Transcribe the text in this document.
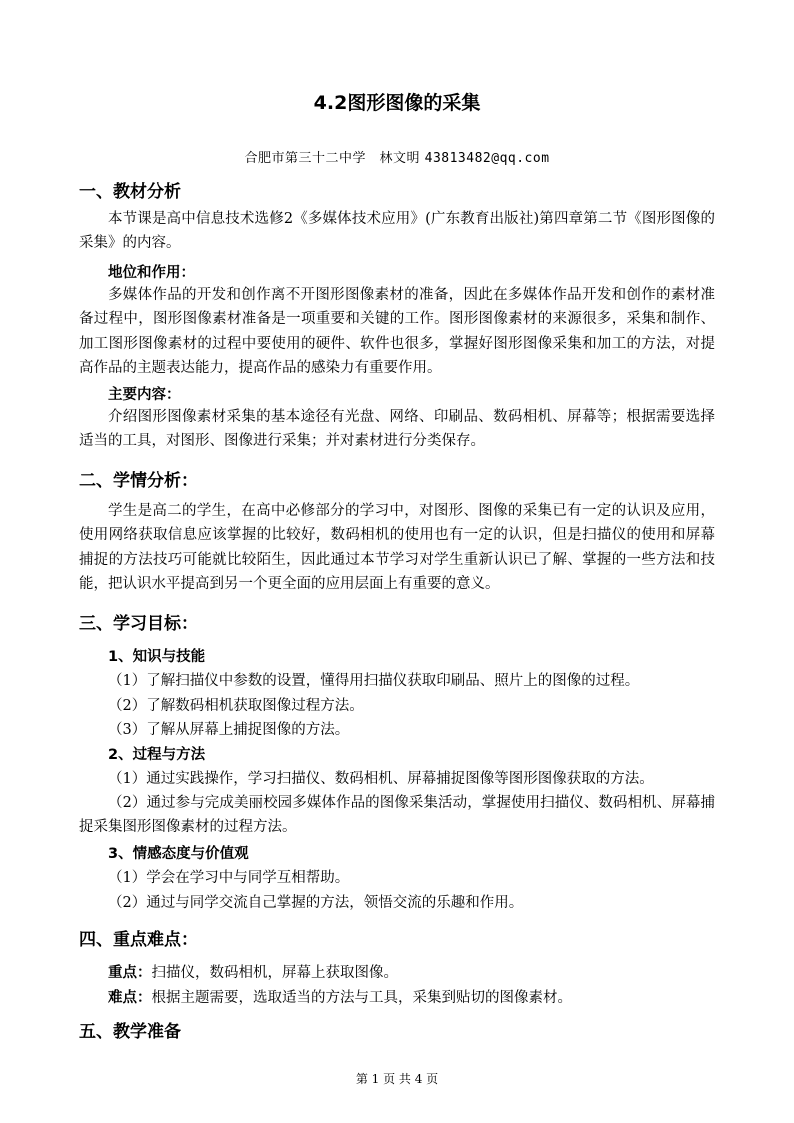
4.2图形图像的采集
合肥市第三十二中学　林文明 43813482@qq.com
一、教材分析

本节课是高中信息技术选修2《多媒体技术应用》(广东教育出版社)第四章第二节《图形图像的采集》的内容。

地位和作用：

多媒体作品的开发和创作离不开图形图像素材的准备，因此在多媒体作品开发和创作的素材准备过程中，图形图像素材准备是一项重要和关键的工作。图形图像素材的来源很多，采集和制作、加工图形图像素材的过程中要使用的硬件、软件也很多，掌握好图形图像采集和加工的方法，对提高作品的主题表达能力，提高作品的感染力有重要作用。

主要内容：

介绍图形图像素材采集的基本途径有光盘、网络、印刷品、数码相机、屏幕等；根据需要选择适当的工具，对图形、图像进行采集；并对素材进行分类保存。

二、学情分析：

学生是高二的学生，在高中必修部分的学习中，对图形、图像的采集已有一定的认识及应用，使用网络获取信息应该掌握的比较好，数码相机的使用也有一定的认识，但是扫描仪的使用和屏幕捕捉的方法技巧可能就比较陌生，因此通过本节学习对学生重新认识已了解、掌握的一些方法和技能，把认识水平提高到另一个更全面的应用层面上有重要的意义。

三、学习目标：
1、知识与技能
（1）了解扫描仪中参数的设置，懂得用扫描仪获取印刷品、照片上的图像的过程。
（2）了解数码相机获取图像过程方法。
（3）了解从屏幕上捕捉图像的方法。
2、过程与方法
（1）通过实践操作，学习扫描仪、数码相机、屏幕捕捉图像等图形图像获取的方法。

（2）通过参与完成美丽校园多媒体作品的图像采集活动，掌握使用扫描仪、数码相机、屏幕捕捉采集图形图像素材的过程方法。

3、情感态度与价值观
（1）学会在学习中与同学互相帮助。
（2）通过与同学交流自己掌握的方法，领悟交流的乐趣和作用。
四、重点难点：
重点：扫描仪，数码相机，屏幕上获取图像。
难点：根据主题需要，选取适当的方法与工具，采集到贴切的图像素材。
五、教学准备
第 1 页 共 4 页
